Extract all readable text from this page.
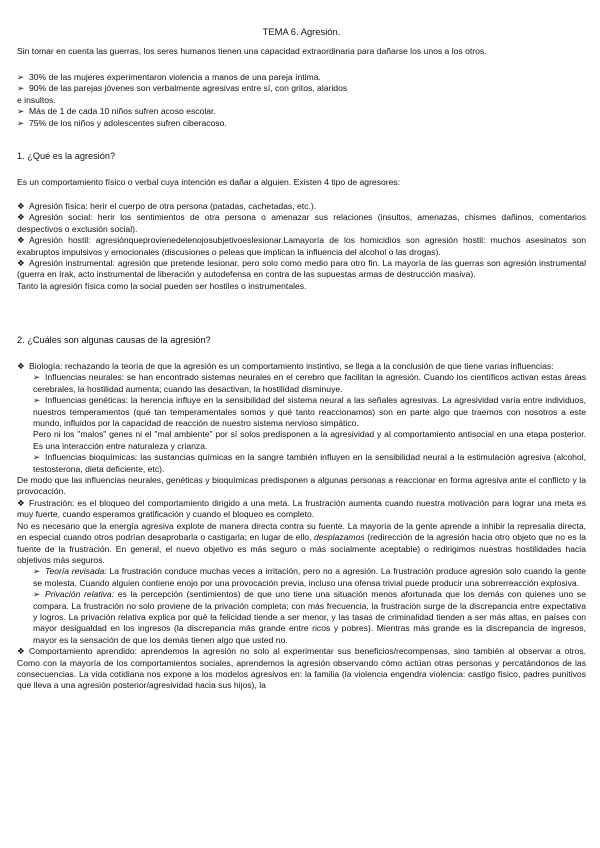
TEMA 6. Agresión.

Sin tomar en cuenta las guerras, los seres humanos tienen una capacidad extraordinaria para dañarse los unos a los otros.

➢ 30% de las mujeres experimentaron violencia a manos de una pareja íntima.

➢ 90% de las parejas jóvenes son verbalmente agresivas entre sí, con gritos, alaridos

e insultos.

➢ Más de 1 de cada 10 niños sufren acoso escolar.

➢ 75% de los niños y adolescentes sufren ciberacoso.

1. ¿Qué es la agresión?

Es un comportamiento físico o verbal cuya intención es dañar a alguien. Existen 4 tipo de agresores:

❖ Agresión física: herir el cuerpo de otra persona (patadas, cachetadas, etc.).

❖ Agresión social: herir los sentimientos de otra persona o amenazar sus relaciones (insultos, amenazas, chismes dañinos, comentarios despectivos o exclusión social).

❖ Agresión hostil: agresiónqueprovienedelenojosubjetivoeslesionar.Lamayoría de los homicidios son agresión hostil: muchos asesinatos son exabruptos impulsivos y emocionales (discusiones o peleas que implican la influencia del alcohol o las drogas).

❖ Agresión instrumental: agresión que pretende lesionar, pero solo como medio para otro fin. La mayoría de las guerras son agresión instrumental (guerra en Irak, acto instrumental de liberación y autodefensa en contra de las supuestas armas de destrucción masiva).

Tanto la agresión física como la social pueden ser hostiles o instrumentales.

2. ¿Cuáles son algunas causas de la agresión?

❖ Biología: rechazando la teoría de que la agresión es un comportamiento instintivo, se llega a la conclusión de que tiene varias influencias:

➢ Influencias neurales: se han encontrado sistemas neurales en el cerebro que facilitan la agresión. Cuando los científicos activan estas áreas cerebrales, la hostilidad aumenta; cuando las desactivan, la hostilidad disminuye.

➢ Influencias genéticas: la herencia influye en la sensibilidad del sistema neural a las señales agresivas. La agresividad varía entre individuos, nuestros temperamentos (qué tan temperamentales somos y qué tanto reaccionamos) son en parte algo que traemos con nosotros a este mundo, influidos por la capacidad de reacción de nuestro sistema nervioso simpático.

Pero ni los "malos" genes ni el "mal ambiente" por sí solos predisponen a la agresividad y al comportamiento antisocial en una etapa posterior. Es una interacción entre naturaleza y crianza.

➢ Influencias bioquímicas: las sustancias químicas en la sangre también influyen en la sensibilidad neural a la estimulación agresiva (alcohol, testosterona, dieta deficiente, etc).

De modo que las influencias neurales, genéticas y bioquímicas predisponen a algunas personas a reaccionar en forma agresiva ante el conflicto y la provocación.

❖ Frustración: es el bloqueo del comportamiento dirigido a una meta. La frustración aumenta cuando nuestra motivación para lograr una meta es muy fuerte, cuando esperamos gratificación y cuando el bloqueo es completo.

No es necesario que la energía agresiva explote de manera directa contra su fuente. La mayoría de la gente aprende a inhibir la represalia directa, en especial cuando otros podrían desaprobarla o castigarla; en lugar de ello, desplazamos (redirección de la agresión hacia otro objeto que no es la fuente de la frustración. En general, el nuevo objetivo es más seguro o más socialmente aceptable) o redirigimos nuestras hostilidades hacia objetivos más seguros.

➢ Teoría revisada: La frustración conduce muchas veces a irritación, pero no a agresión. La frustración produce agresión solo cuando la gente se molesta. Cuando alguien contiene enojo por una provocación previa, incluso una ofensa trivial puede producir una sobrerreacción explosiva.

➢ Privación relativa: es la percepción (sentimientos) de que uno tiene una situación menos afortunada que los demás con quienes uno se compara. La frustración no solo proviene de la privación completa; con más frecuencia, la frustración surge de la discrepancia entre expectativa y logros. La privación relativa explica por qué la felicidad tiende a ser menor, y las tasas de criminalidad tienden a ser más altas, en países con mayor desigualdad en los ingresos (la discrepancia más grande entre ricos y pobres). Mientras más grande es la discrepancia de ingresos, mayor es la sensación de que los demás tienen algo que usted no.

❖ Comportamiento aprendido: aprendemos la agresión no solo al experimentar sus beneficios/recompensas, sino también al observar a otros. Como con la mayoría de los comportamientos sociales, aprendemos la agresión observando cómo actúan otras personas y percatándonos de las consecuencias. La vida cotidiana nos expone a los modelos agresivos en: la familia (la violencia engendra violencia: castigo físico, padres punitivos que lleva a una agresión posterior/agresividad hacia sus hijos), la
